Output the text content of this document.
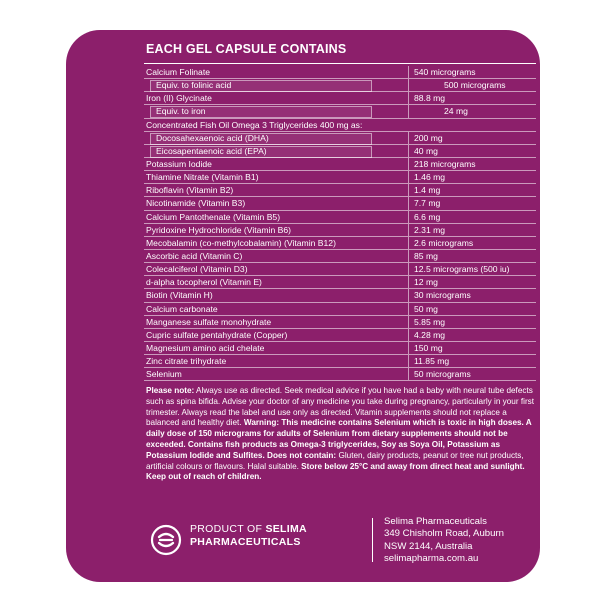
EACH GEL CAPSULE CONTAINS
Calcium Folinate	540 micrograms
Equiv. to folinic acid	500 micrograms
Iron (II) Glycinate	88.8 mg
Equiv. to iron	24 mg
Concentrated Fish Oil Omega 3 Triglycerides 400 mg as:
Docosahexaenoic acid (DHA)	200 mg
Eicosapentaenoic acid (EPA)	40 mg
Potassium Iodide	218 micrograms
Thiamine Nitrate (Vitamin B1)	1.46 mg
Riboflavin (Vitamin B2)	1.4 mg
Nicotinamide (Vitamin B3)	7.7 mg
Calcium Pantothenate (Vitamin B5)	6.6 mg
Pyridoxine Hydrochloride (Vitamin B6)	2.31 mg
Mecobalamin (co-methylcobalamin) (Vitamin B12)	2.6 micrograms
Ascorbic acid (Vitamin C)	85 mg
Colecalciferol (Vitamin D3)	12.5 micrograms (500 iu)
d-alpha tocopherol (Vitamin E)	12 mg
Biotin (Vitamin H)	30 micrograms
Calcium carbonate	50 mg
Manganese sulfate monohydrate	5.85 mg
Cupric sulfate pentahydrate (Copper)	4.28 mg
Magnesium amino acid chelate	150 mg
Zinc citrate trihydrate	11.85 mg
Selenium	50 micrograms
Please note: Always use as directed. Seek medical advice if you have had a baby with neural tube defects such as spina bifida. Advise your doctor of any medicine you take during pregnancy, particularly in your first trimester. Always read the label and use only as directed. Vitamin supplements should not replace a balanced and healthy diet. Warning: This medicine contains Selenium which is toxic in high doses. A daily dose of 150 micrograms for adults of Selenium from dietary supplements should not be exceeded. Contains fish products as Omega-3 triglycerides, Soy as Soya Oil, Potassium as Potassium Iodide and Sulfites. Does not contain: Gluten, dairy products, peanut or tree nut products, artificial colours or flavours. Halal suitable. Store below 25°C and away from direct heat and sunlight. Keep out of reach of children.
PRODUCT OF SELIMA
PHARMACEUTICALS
Selima Pharmaceuticals
349 Chisholm Road, Auburn
NSW 2144, Australia
selimapharma.com.au
